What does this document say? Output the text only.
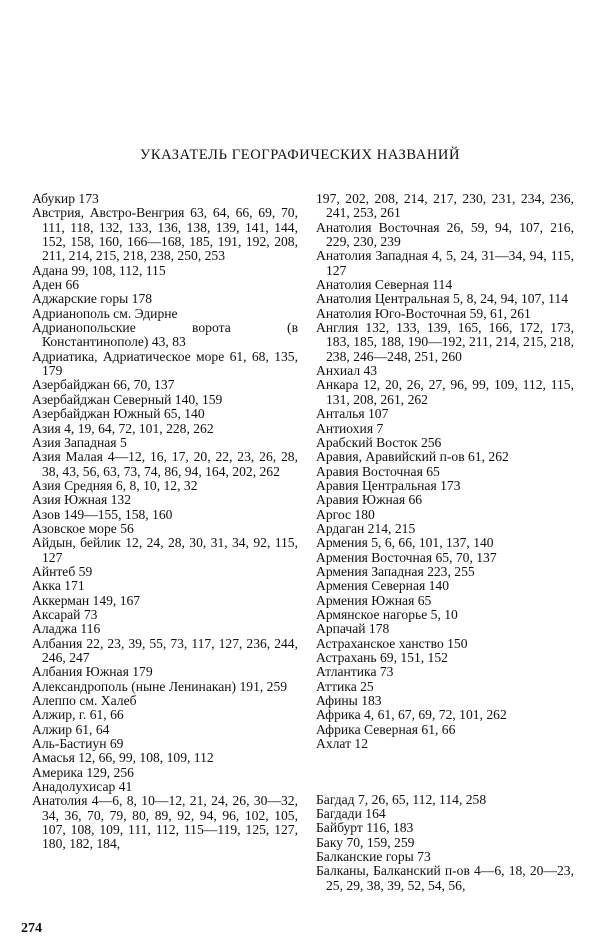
УКАЗАТЕЛЬ ГЕОГРАФИЧЕСКИХ НАЗВАНИЙ

Абукир 173

Австрия, Австро-Венгрия 63, 64, 66, 69, 70, 111, 118, 132, 133, 136, 138, 139, 141, 144, 152, 158, 160, 166—168, 185, 191, 192, 208, 211, 214, 215, 218, 238, 250, 253

Адана 99, 108, 112, 115

Аден 66

Аджарские горы 178

Адрианополь см. Эдирне

Адрианопольские ворота (в Константинополе) 43, 83

Адриатика, Адриатическое море 61, 68, 135, 179

Азербайджан 66, 70, 137

Азербайджан Северный 140, 159

Азербайджан Южный 65, 140

Азия 4, 19, 64, 72, 101, 228, 262

Азия Западная 5

Азия Малая 4—12, 16, 17, 20, 22, 23, 26, 28, 38, 43, 56, 63, 73, 74, 86, 94, 164, 202, 262

Азия Средняя 6, 8, 10, 12, 32

Азия Южная 132

Азов 149—155, 158, 160

Азовское море 56

Айдын, бейлик 12, 24, 28, 30, 31, 34, 92, 115, 127

Айнтеб 59

Акка 171

Аккерман 149, 167

Аксарай 73

Аладжа 116

Албания 22, 23, 39, 55, 73, 117, 127, 236, 244, 246, 247

Албания Южная 179

Александрополь (ныне Ленинакан) 191, 259

Алеппо см. Халеб

Алжир, г. 61, 66

Алжир 61, 64

Аль-Бастиун 69

Амасья 12, 66, 99, 108, 109, 112

Америка 129, 256

Анадолухисар 41

Анатолия 4—6, 8, 10—12, 21, 24, 26, 30—32, 34, 36, 70, 79, 80, 89, 92, 94, 96, 102, 105, 107, 108, 109, 111, 112, 115—119, 125, 127, 180, 182, 184,

197, 202, 208, 214, 217, 230, 231, 234, 236, 241, 253, 261

Анатолия Восточная 26, 59, 94, 107, 216, 229, 230, 239

Анатолия Западная 4, 5, 24, 31—34, 94, 115, 127

Анатолия Северная 114

Анатолия Центральная 5, 8, 24, 94, 107, 114

Анатолия Юго-Восточная 59, 61, 261

Англия 132, 133, 139, 165, 166, 172, 173, 183, 185, 188, 190—192, 211, 214, 215, 218, 238, 246—248, 251, 260

Анхиал 43

Анкара 12, 20, 26, 27, 96, 99, 109, 112, 115, 131, 208, 261, 262

Анталья 107

Антиохия 7

Арабский Восток 256

Аравия, Аравийский п-ов 61, 262

Аравия Восточная 65

Аравия Центральная 173

Аравия Южная 66

Аргос 180

Ардаган 214, 215

Армения 5, 6, 66, 101, 137, 140

Армения Восточная 65, 70, 137

Армения Западная 223, 255

Армения Северная 140

Армения Южная 65

Армянское нагорье 5, 10

Арпачай 178

Астраханское ханство 150

Астрахань 69, 151, 152

Атлантика 73

Аттика 25

Афины 183

Африка 4, 61, 67, 69, 72, 101, 262

Африка Северная 61, 66

Ахлат 12

Багдад 7, 26, 65, 112, 114, 258

Багдади 164

Байбурт 116, 183

Баку 70, 159, 259

Балканские горы 73

Балканы, Балканский п-ов 4—6, 18, 20—23, 25, 29, 38, 39, 52, 54, 56,

274
